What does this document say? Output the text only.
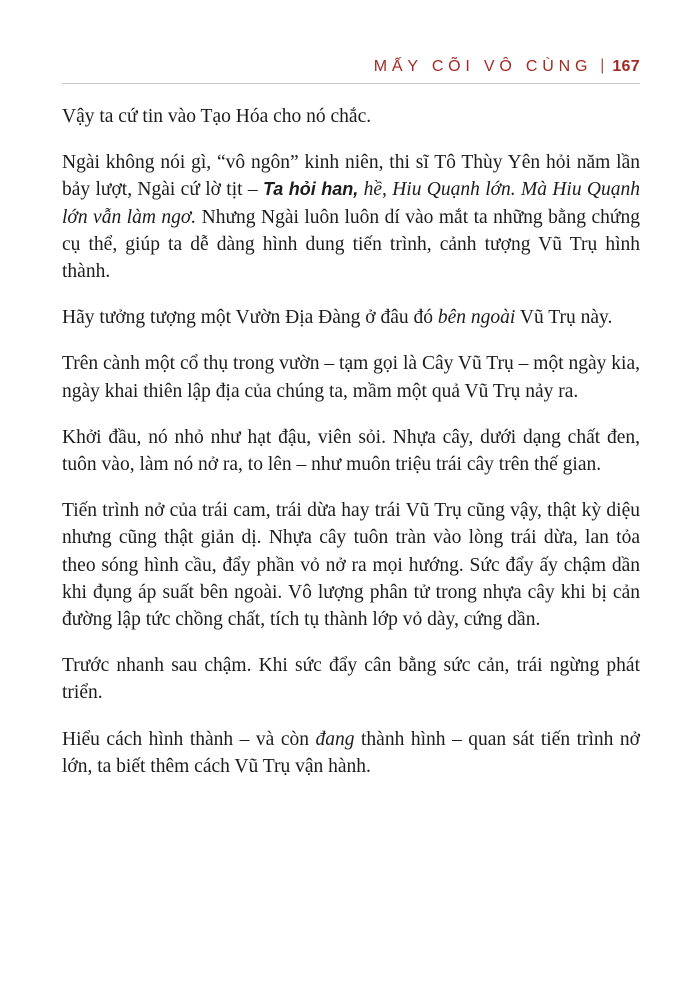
MẤY CÕI VÔ CÙNG | 167

Vậy ta cứ tin vào Tạo Hóa cho nó chắc.

Ngài không nói gì, “vô ngôn” kinh niên, thi sĩ Tô Thùy Yên hỏi năm lần bảy lượt, Ngài cứ lờ tịt – Ta hỏi han, hề, Hiu Quạnh lớn. Mà Hiu Quạnh lớn vẫn làm ngơ. Nhưng Ngài luôn luôn dí vào mắt ta những bằng chứng cụ thể, giúp ta dễ dàng hình dung tiến trình, cảnh tượng Vũ Trụ hình thành.

Hãy tưởng tượng một Vườn Địa Đàng ở đâu đó bên ngoài Vũ Trụ này.

Trên cành một cổ thụ trong vườn – tạm gọi là Cây Vũ Trụ – một ngày kia, ngày khai thiên lập địa của chúng ta, mầm một quả Vũ Trụ nảy ra.

Khởi đầu, nó nhỏ như hạt đậu, viên sỏi. Nhựa cây, dưới dạng chất đen, tuôn vào, làm nó nở ra, to lên – như muôn triệu trái cây trên thế gian.

Tiến trình nở của trái cam, trái dừa hay trái Vũ Trụ cũng vậy, thật kỳ diệu nhưng cũng thật giản dị. Nhựa cây tuôn tràn vào lòng trái dừa, lan tỏa theo sóng hình cầu, đẩy phần vỏ nở ra mọi hướng. Sức đẩy ấy chậm dần khi đụng áp suất bên ngoài. Vô lượng phân tử trong nhựa cây khi bị cản đường lập tức chồng chất, tích tụ thành lớp vỏ dày, cứng dần.

Trước nhanh sau chậm. Khi sức đẩy cân bằng sức cản, trái ngừng phát triển.

Hiểu cách hình thành – và còn đang thành hình – quan sát tiến trình nở lớn, ta biết thêm cách Vũ Trụ vận hành.
